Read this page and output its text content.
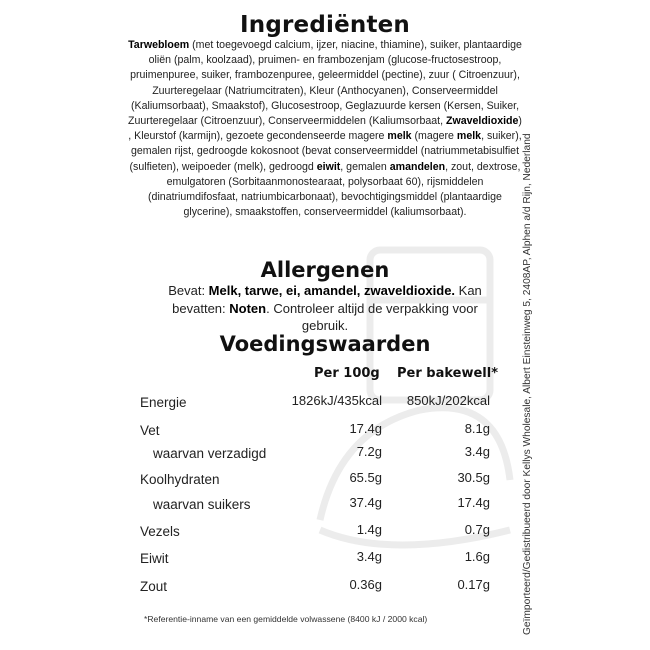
Ingrediënten
Tarwebloem (met toegevoegd calcium, ijzer, niacine, thiamine), suiker, plantaardige oliën (palm, koolzaad), pruimen- en frambozenjam (glucose-fructosestroop, pruimenpuree, suiker, frambozenpuree, geleermiddel (pectine), zuur ( Citroenzuur), Zuurteregelaar (Natriumcitraten), Kleur (Anthocyanen), Conserveermiddel (Kaliumsorbaat), Smaakstof), Glucosestroop, Geglazuurde kersen (Kersen, Suiker, Zuurteregelaar (Citroenzuur), Conserveermiddelen (Kaliumsorbaat, Zwaveldioxide) , Kleurstof (karmijn), gezoete gecondenseerde magere melk (magere melk, suiker), gemalen rijst, gedroogde kokosnoot (bevat conserveermiddel (natriummetabisulfiet (sulfieten), weipoeder (melk), gedroogd eiwit, gemalen amandelen, zout, dextrose, emulgatoren (Sorbitaanmonostearaat, polysorbaat 60), rijsmiddelen (dinatriumdifosfaat, natriumbicarbonaat), bevochtigingsmiddel (plantaardige glycerine), smaakstoffen, conserveermiddel (kaliumsorbaat).
Allergenen
Bevat: Melk, tarwe, ei, amandel, zwaveldioxide. Kan bevatten: Noten. Controleer altijd de verpakking voor gebruik.
Voedingswaarden
Per 100g Per bakewell*
Energie	1826kJ/435kcal 850kJ/202kcal
Vet	17.4g	8.1g
waarvan verzadigd	7.2g	3.4g
Koolhydraten	65.5g	30.5g
waarvan suikers	37.4g	17.4g
Vezels	1.4g	0.7g
Eiwit	3.4g	1.6g
Zout	0.36g	0.17g
*Referentie-inname van een gemiddelde volwassene (8400 kJ / 2000 kcal)	Geïmporteerd/Gedistribueerd door Kellys Wholesale, Albert Einsteinweg 5, 2408AP, Alphen a/d Rijn, Nederland
